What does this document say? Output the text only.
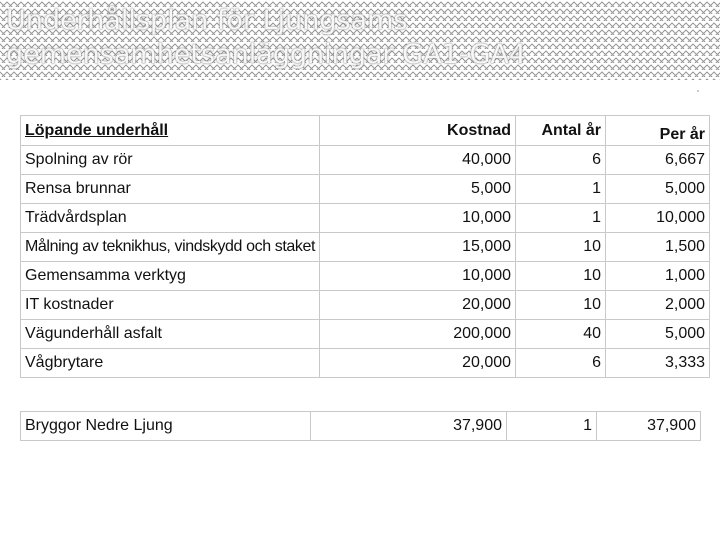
Underhållsplan för Ljungsams
gemensamhetsanläggningar GA1-GA4
Löpande underhåll	Kostnad	Antal år	Per år
Spolning av rör	40,000	6	6,667
Rensa brunnar	5,000	1	5,000
Trädvårdsplan	10,000	1	10,000
Målning av teknikhus, vindskydd och staket	15,000	10	1,500
Gemensamma verktyg	10,000	10	1,000
IT kostnader	20,000	10	2,000
Vägunderhåll asfalt	200,000	40	5,000
Vågbrytare	20,000	6	3,333
Bryggor Nedre Ljung	37,900	1	37,900
